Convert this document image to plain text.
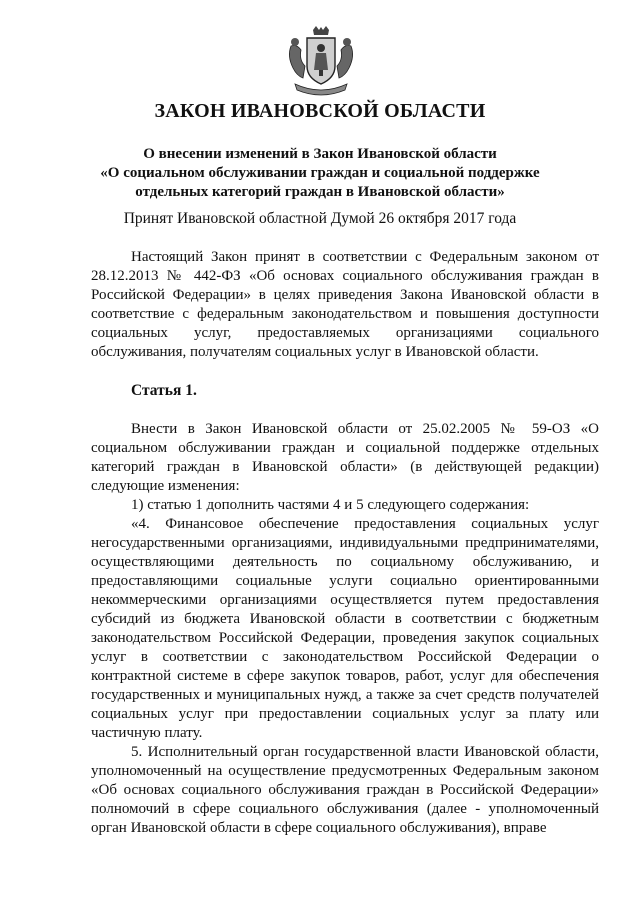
ЗАКОН ИВАНОВСКОЙ ОБЛАСТИ
О внесении изменений в Закон Ивановской области
«О социальном обслуживании граждан и социальной поддержке
отдельных категорий граждан в Ивановской области»
Принят Ивановской областной Думой 26 октября 2017 года

Настоящий Закон принят в соответствии с Федеральным законом от 28.12.2013 № 442-ФЗ «Об основах социального обслуживания граждан в Российской Федерации» в целях приведения Закона Ивановской области в соответствие с федеральным законодательством и повышения доступности социальных услуг, предоставляемых организациями социального обслуживания, получателям социальных услуг в Ивановской области.

Статья 1.

Внести в Закон Ивановской области от 25.02.2005 № 59-ОЗ «О социальном обслуживании граждан и социальной поддержке отдельных категорий граждан в Ивановской области» (в действующей редакции) следующие изменения:

1) статью 1 дополнить частями 4 и 5 следующего содержания:

«4. Финансовое обеспечение предоставления социальных услуг негосударственными организациями, индивидуальными предпринимателями, осуществляющими деятельность по социальному обслуживанию, и предоставляющими социальные услуги социально ориентированными некоммерческими организациями осуществляется путем предоставления субсидий из бюджета Ивановской области в соответствии с бюджетным законодательством Российской Федерации, проведения закупок социальных услуг в соответствии с законодательством Российской Федерации о контрактной системе в сфере закупок товаров, работ, услуг для обеспечения государственных и муниципальных нужд, а также за счет средств получателей социальных услуг при предоставлении социальных услуг за плату или частичную плату.

5. Исполнительный орган государственной власти Ивановской области, уполномоченный на осуществление предусмотренных Федеральным законом «Об основах социального обслуживания граждан в Российской Федерации» полномочий в сфере социального обслуживания (далее - уполномоченный орган Ивановской области в сфере социального обслуживания), вправе
